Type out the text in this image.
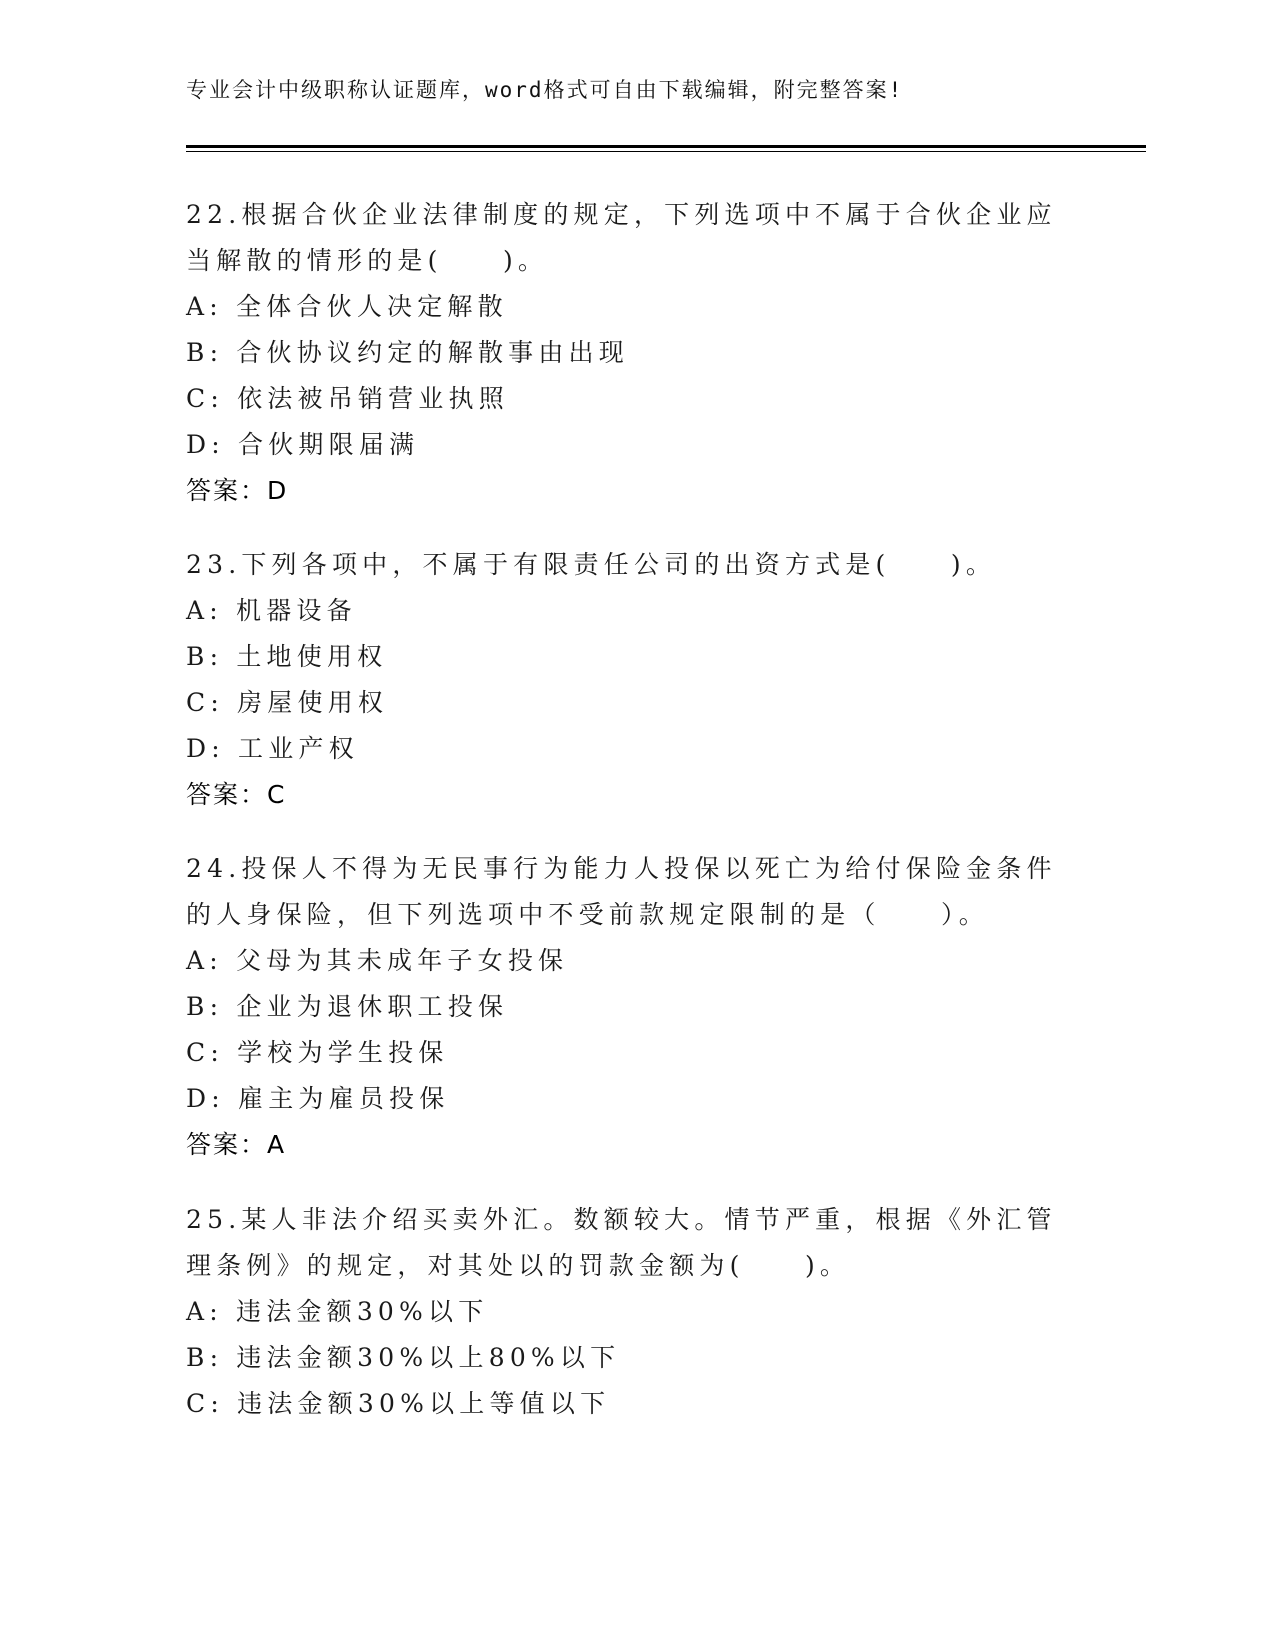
专业会计中级职称认证题库，word格式可自由下载编辑，附完整答案!

22.根据合伙企业法律制度的规定，下列选项中不属于合伙企业应当解散的情形的是(　　)。

A: 全体合伙人决定解散

B: 合伙协议约定的解散事由出现

C: 依法被吊销营业执照

D: 合伙期限届满

答案：D

23.下列各项中，不属于有限责任公司的出资方式是(　　)。

A: 机器设备

B: 土地使用权

C: 房屋使用权

D: 工业产权

答案：C

24.投保人不得为无民事行为能力人投保以死亡为给付保险金条件的人身保险，但下列选项中不受前款规定限制的是（　　）。

A: 父母为其未成年子女投保

B: 企业为退休职工投保

C: 学校为学生投保

D: 雇主为雇员投保

答案：A

25.某人非法介绍买卖外汇。数额较大。情节严重，根据《外汇管理条例》的规定，对其处以的罚款金额为(　　)。

A: 违法金额30%以下

B: 违法金额30%以上80%以下

C: 违法金额30%以上等值以下
